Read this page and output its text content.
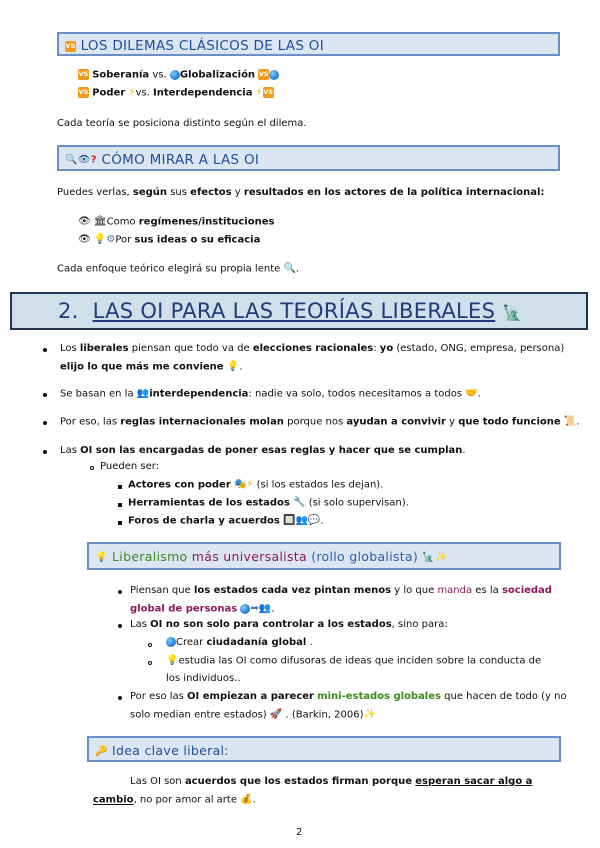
VS LOS DILEMAS CLÁSICOS DE LAS OI
VS Soberanía vs. Globalización VS
VS Poder ⚡vs. Interdependencia ⚡VS
Cada teoría se posiciona distinto según el dilema.
🔍👁? CÓMO MIRAR A LAS OI
Puedes verlas, según sus efectos y resultados en los actores de la política internacional:
👁 🏛Como regímenes/instituciones
👁 💡⚙Por sus ideas o su eficacia
Cada enfoque teórico elegirá su propia lente 🔍.
2. LAS OI PARA LAS TEORÍAS LIBERALES 🗽
Los liberales piensan que todo va de elecciones racionales: yo (estado, ONG, empresa, persona)
elijo lo que más me conviene 💡.
Se basan en la 👥interdependencia: nadie va solo, todos necesitamos a todos 🤝.
Por eso, las reglas internacionales molan porque nos ayudan a convivir y que todo funcione 📜.
Las OI son las encargadas de poner esas reglas y hacer que se cumplan.
Pueden ser:
Actores con poder 🎭⚡ (si los estados les dejan).
Herramientas de los estados 🔧 (si solo supervisan).
Foros de charla y acuerdos 🔲👥💬.
💡 Liberalismo más universalista (rollo globalista) 🗽✨
Piensan que los estados cada vez pintan menos y lo que manda es la sociedad
global de personas ➡👥.
Las OI no son solo para controlar a los estados, sino para:
Crear ciudadanía global .
💡estudia las OI como difusoras de ideas que inciden sobre la conducta de
los individuos..
Por eso las OI empiezan a parecer mini-estados globales que hacen de todo (y no
solo median entre estados) 🚀 . (Barkin, 2006)✨
🔑 Idea clave liberal:
Las OI son acuerdos que los estados firman porque esperan sacar algo a
cambio, no por amor al arte 💰.
2
